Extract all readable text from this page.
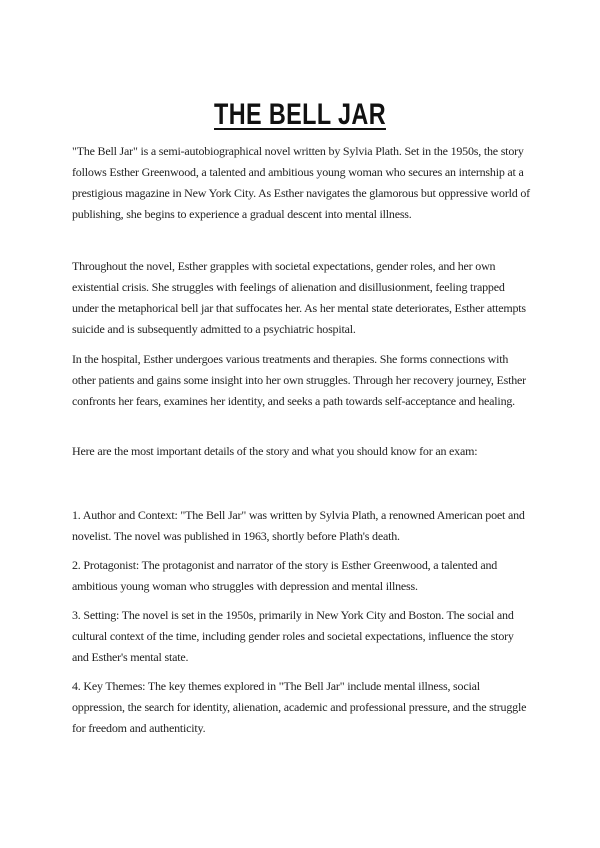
THE BELL JAR

"The Bell Jar" is a semi-autobiographical novel written by Sylvia Plath. Set in the 1950s, the story follows Esther Greenwood, a talented and ambitious young woman who secures an internship at a prestigious magazine in New York City. As Esther navigates the glamorous but oppressive world of publishing, she begins to experience a gradual descent into mental illness.

Throughout the novel, Esther grapples with societal expectations, gender roles, and her own existential crisis. She struggles with feelings of alienation and disillusionment, feeling trapped under the metaphorical bell jar that suffocates her. As her mental state deteriorates, Esther attempts suicide and is subsequently admitted to a psychiatric hospital.

In the hospital, Esther undergoes various treatments and therapies. She forms connections with other patients and gains some insight into her own struggles. Through her recovery journey, Esther confronts her fears, examines her identity, and seeks a path towards self-acceptance and healing.

Here are the most important details of the story and what you should know for an exam:

1. Author and Context: "The Bell Jar" was written by Sylvia Plath, a renowned American poet and novelist. The novel was published in 1963, shortly before Plath's death.

2. Protagonist: The protagonist and narrator of the story is Esther Greenwood, a talented and ambitious young woman who struggles with depression and mental illness.

3. Setting: The novel is set in the 1950s, primarily in New York City and Boston. The social and cultural context of the time, including gender roles and societal expectations, influence the story and Esther's mental state.

4. Key Themes: The key themes explored in "The Bell Jar" include mental illness, social oppression, the search for identity, alienation, academic and professional pressure, and the struggle for freedom and authenticity.
